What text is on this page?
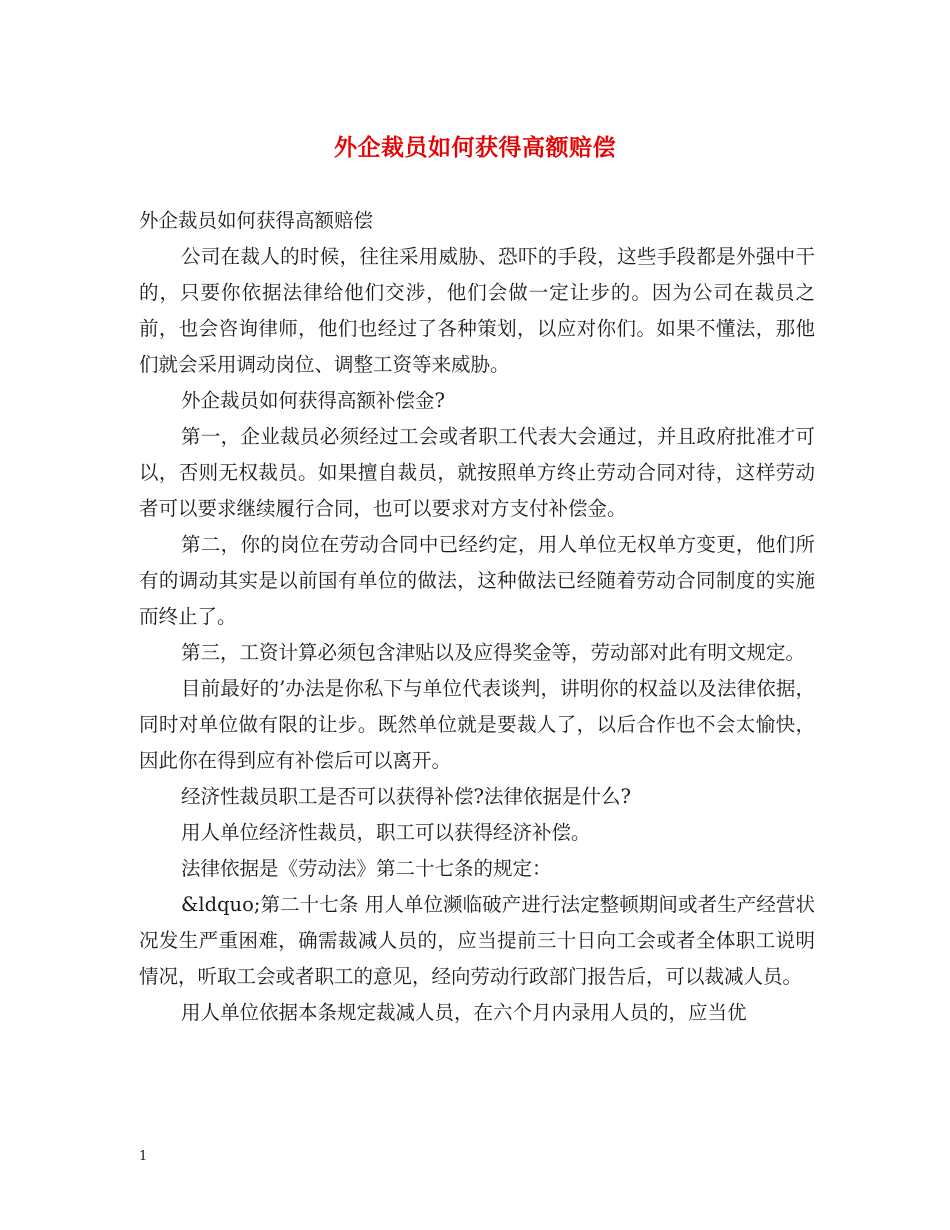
外企裁员如何获得高额赔偿

外企裁员如何获得高额赔偿

公司在裁人的时候，往往采用威胁、恐吓的手段，这些手段都是外强中干的，只要你依据法律给他们交涉，他们会做一定让步的。因为公司在裁员之前，也会咨询律师，他们也经过了各种策划，以应对你们。如果不懂法，那他们就会采用调动岗位、调整工资等来威胁。

外企裁员如何获得高额补偿金?

第一，企业裁员必须经过工会或者职工代表大会通过，并且政府批准才可以，否则无权裁员。如果擅自裁员，就按照单方终止劳动合同对待，这样劳动者可以要求继续履行合同，也可以要求对方支付补偿金。

第二，你的岗位在劳动合同中已经约定，用人单位无权单方变更，他们所有的调动其实是以前国有单位的做法，这种做法已经随着劳动合同制度的实施而终止了。

第三，工资计算必须包含津贴以及应得奖金等，劳动部对此有明文规定。

目前最好的’办法是你私下与单位代表谈判，讲明你的权益以及法律依据，同时对单位做有限的让步。既然单位就是要裁人了，以后合作也不会太愉快，因此你在得到应有补偿后可以离开。

经济性裁员职工是否可以获得补偿?法律依据是什么?

用人单位经济性裁员，职工可以获得经济补偿。

法律依据是《劳动法》第二十七条的规定：

&ldquo;第二十七条 用人单位濒临破产进行法定整顿期间或者生产经营状况发生严重困难，确需裁减人员的，应当提前三十日向工会或者全体职工说明情况，听取工会或者职工的意见，经向劳动行政部门报告后，可以裁减人员。

用人单位依据本条规定裁减人员，在六个月内录用人员的，应当优

1
